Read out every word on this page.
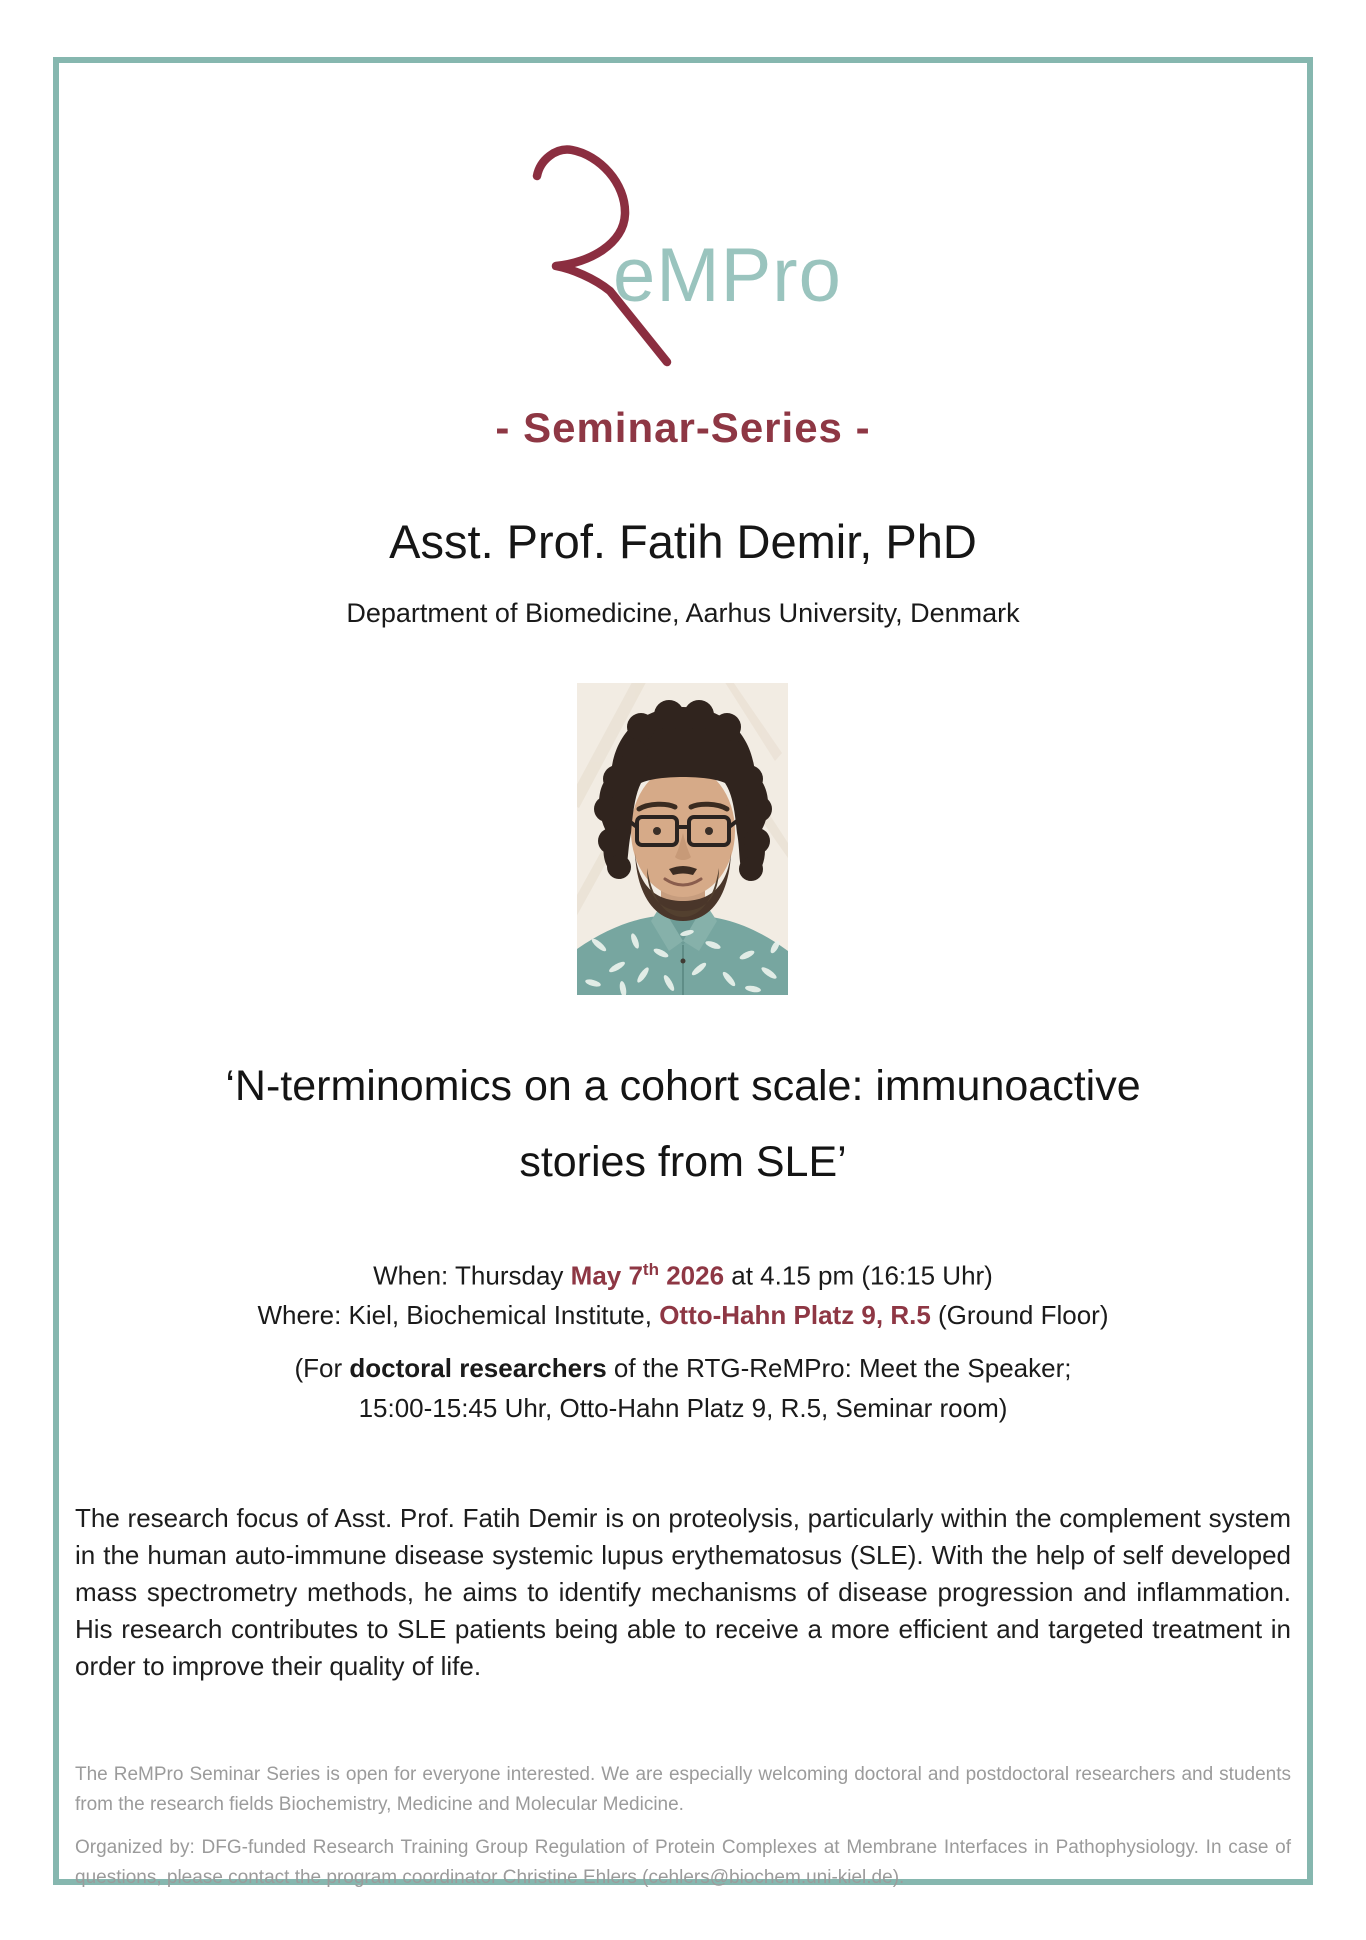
eMPro
- Seminar-Series -
Asst. Prof. Fatih Demir, PhD
Department of Biomedicine, Aarhus University, Denmark
‘N-terminomics on a cohort scale: immunoactive
stories from SLE’
When: Thursday May 7th 2026 at 4.15 pm (16:15 Uhr)
Where: Kiel, Biochemical Institute, Otto-Hahn Platz 9, R.5 (Ground Floor)
(For doctoral researchers of the RTG-ReMPro: Meet the Speaker;
15:00-15:45 Uhr, Otto-Hahn Platz 9, R.5, Seminar room)
The research focus of Asst. Prof. Fatih Demir is on proteolysis, particularly within the complement system in the human auto-immune disease systemic lupus erythematosus (SLE). With the help of self developed mass spectrometry methods, he aims to identify mechanisms of disease progression and inflammation. His research contributes to SLE patients being able to receive a more efficient and targeted treatment in order to improve their quality of life.

The ReMPro Seminar Series is open for everyone interested. We are especially welcoming doctoral and postdoctoral researchers and students from the research fields Biochemistry, Medicine and Molecular Medicine.

Organized by: DFG-funded Research Training Group Regulation of Protein Complexes at Membrane Interfaces in Pathophysiology. In case of questions, please contact the program coordinator Christine Ehlers (cehlers@biochem.uni-kiel.de).
